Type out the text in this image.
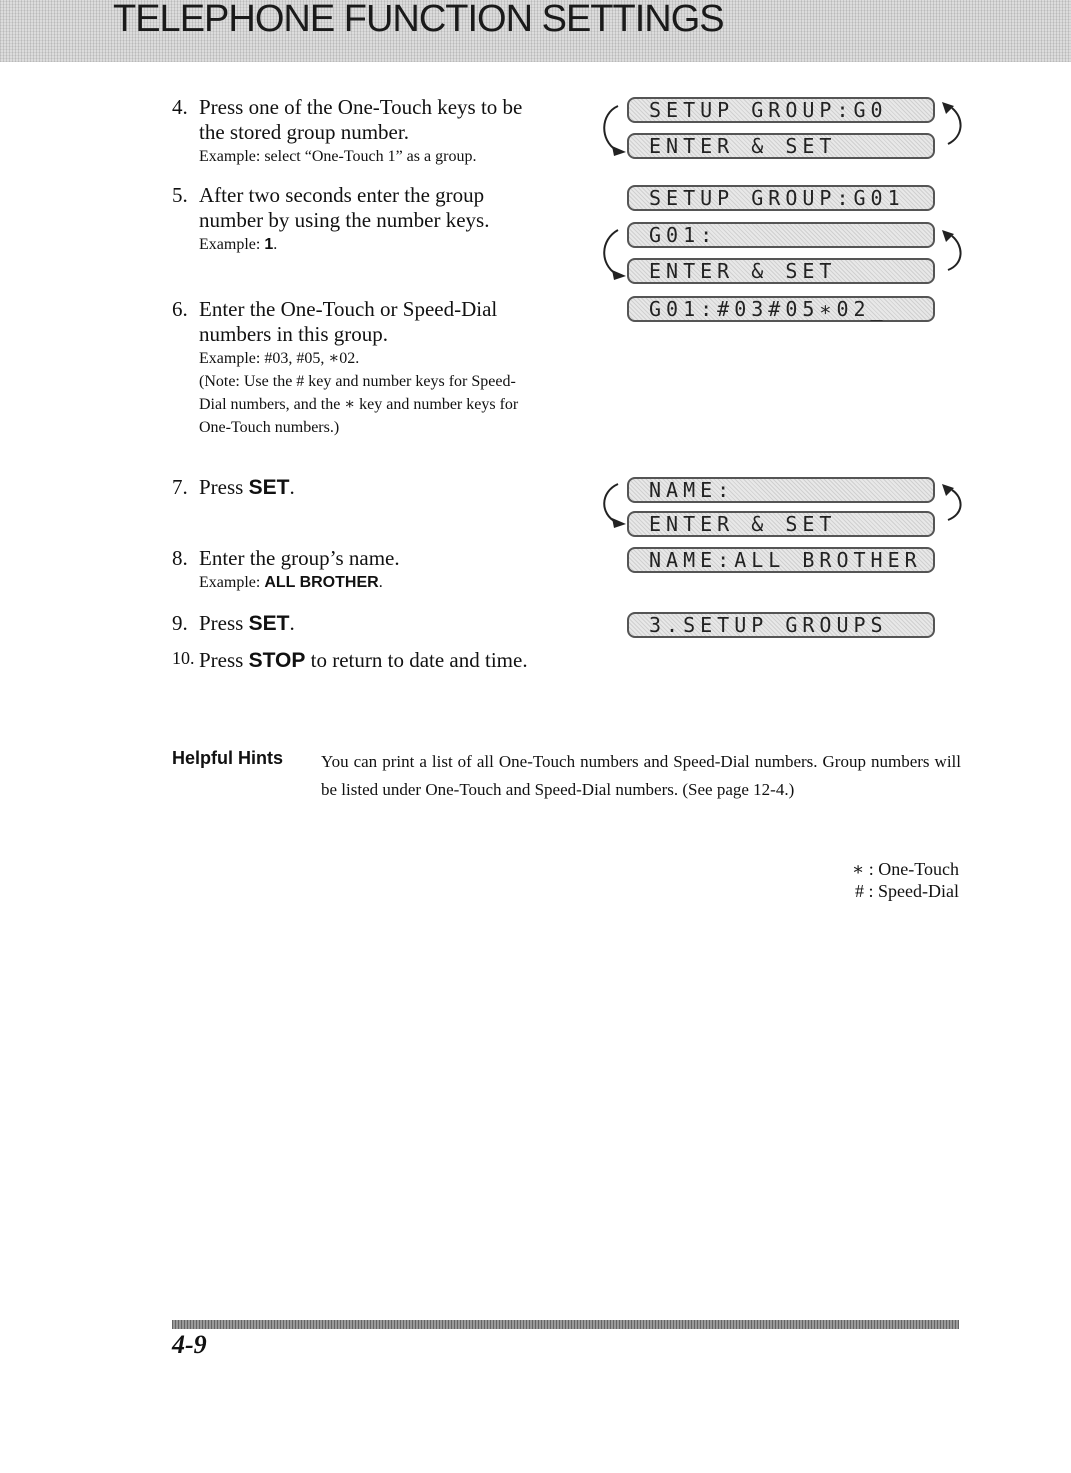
TELEPHONE FUNCTION SETTINGS
4. Press one of the One-Touch keys to be the stored group number.
Example: select “One-Touch 1” as a group.
5. After two seconds enter the group number by using the number keys.
Example: 1.
6. Enter the One-Touch or Speed-Dial numbers in this group.
Example: #03, #05, ∗02.
(Note: Use the # key and number keys for Speed-Dial numbers, and the ∗ key and number keys for One-Touch numbers.)
7. Press SET.
8. Enter the group’s name.
Example: ALL BROTHER.
9. Press SET.
10. Press STOP to return to date and time.
SETUP GROUP:G0
ENTER & SET
SETUP GROUP:G01
G01:
ENTER & SET
G01:#03#05∗02_
NAME:
ENTER & SET
NAME:ALL BROTHER
3.SETUP GROUPS
Helpful Hints You can print a list of all One-Touch numbers and Speed-Dial numbers. Group numbers will be listed under One-Touch and Speed-Dial numbers. (See page 12-4.)
∗ : One-Touch
# : Speed-Dial
4-9
